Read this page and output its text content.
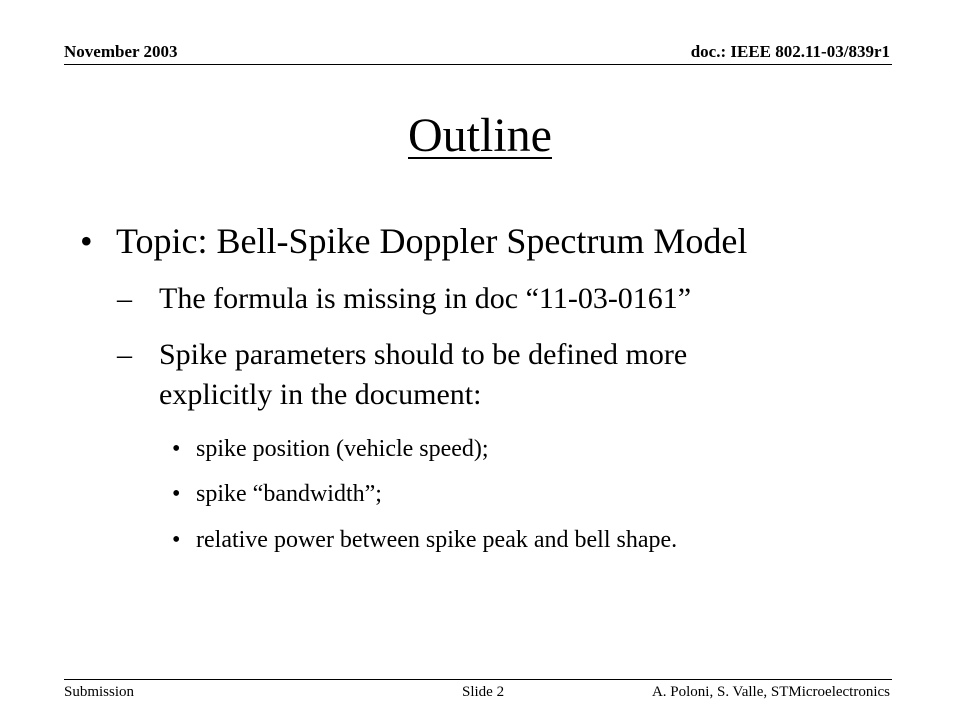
November 2003	doc.: IEEE 802.11-03/839r1
Outline
• Topic: Bell-Spike Doppler Spectrum Model
– The formula is missing in doc “11-03-0161”
– Spike parameters should to be defined more
explicitly in the document:
• spike position (vehicle speed);
• spike “bandwidth”;
• relative power between spike peak and bell shape.
Submission	Slide 2	A. Poloni, S. Valle, STMicroelectronics
